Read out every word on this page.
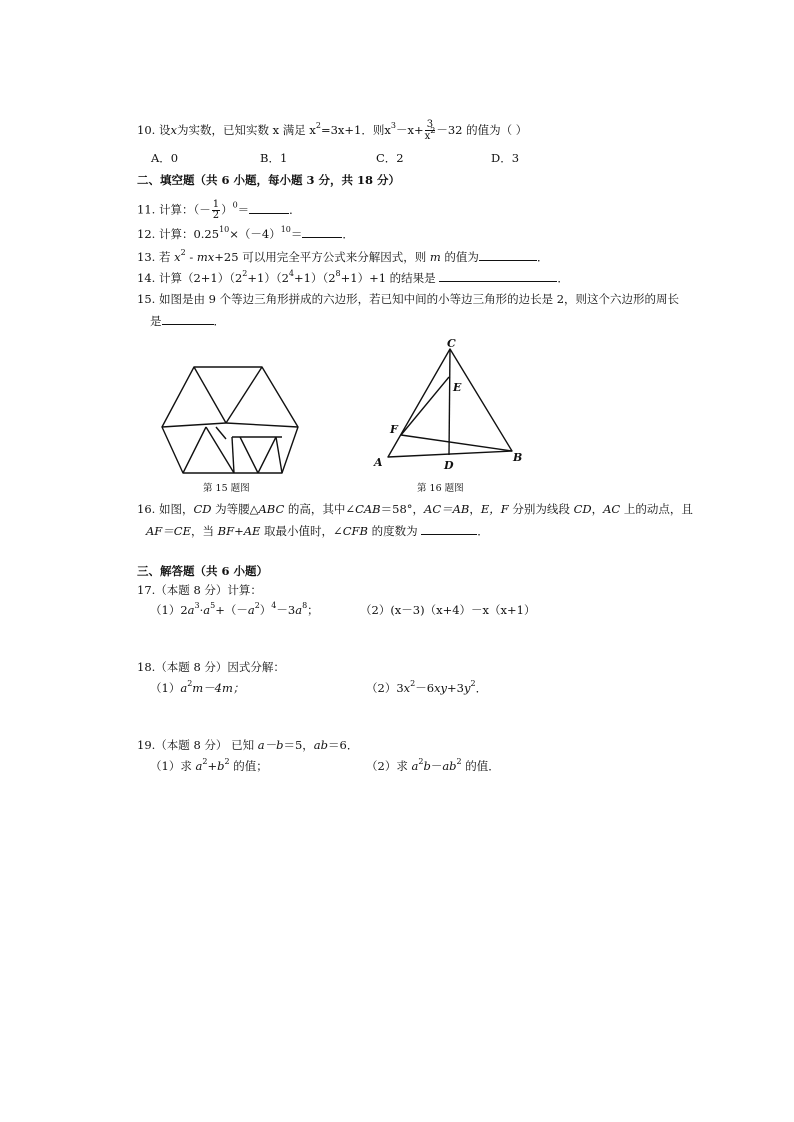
10. 设x为实数，已知实数 x 满足 $x^2=3x+1$．则$x^3-x+ \frac{3}{x^2} -32$ 的值为（ ）
A．0	B．1	C．2	D．3
二、填空题（共 6 小题，每小题 3 分，共 18 分）
11. 计算：（－ $\frac{1}{2} )^0=$	．
12. 计算：$0.25^{10}\times(-4)^{10}=$	．
13. 若 $x^2 - mx+25$ 可以用完全平方公式来分解因式，则 m 的值为	．
14. 计算$(2+1)(2^2+1)(2^4+1)(2^8+1)+1$ 的结果是	．
15. 如图是由 9 个等边三角形拼成的六边形，若已知中间的小等边三角形的边长是 2，则这个六边形的周长
是	．
第 15 题图
C
E
F
A	D
B
第 16 题图
16. 如图，CD 为等腰△ABC 的高，其中∠CAB＝58°，AC＝AB，E，F 分别为线段 CD，AC 上的动点，且
AF＝CE，当 BF+AE 取最小值时，∠CFB 的度数为	．
三、解答题（共 6 小题）
17.（本题 8 分）计算：
$(1)2a^3\cdot a^5+(-a^2)^4-3a^8$；	（2）(x－3)（x+4）－x（x+1）
18.（本题 8 分）因式分解：
$(1)a^2m-4m$；	$(2)3x^2-6xy+3y^2$．
19.（本题 8 分） 已知 a－b＝5，ab＝6．
（1）求 $a^2+b^2$ 的值；	（2）求 $a^2b-ab^2$ 的值．
